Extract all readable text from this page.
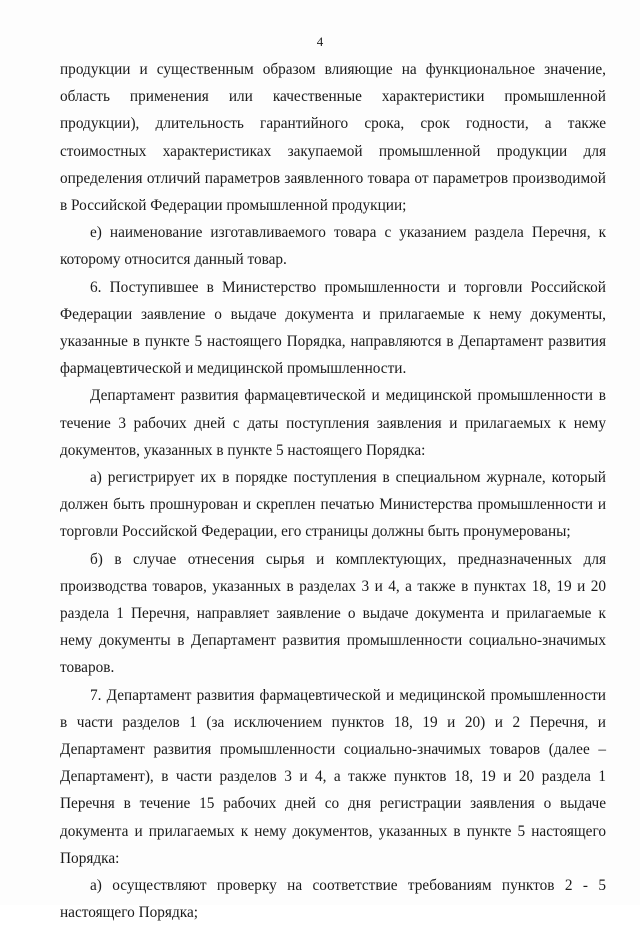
4

продукции и существенным образом влияющие на функциональное значение, область применения или качественные характеристики промышленной продукции), длительность гарантийного срока, срок годности, а также стоимостных характеристиках закупаемой промышленной продукции для определения отличий параметров заявленного товара от параметров производимой в Российской Федерации промышленной продукции;

е) наименование изготавливаемого товара с указанием раздела Перечня, к которому относится данный товар.

6. Поступившее в Министерство промышленности и торговли Российской Федерации заявление о выдаче документа и прилагаемые к нему документы, указанные в пункте 5 настоящего Порядка, направляются в Департамент развития фармацевтической и медицинской промышленности.

Департамент развития фармацевтической и медицинской промышленности в течение 3 рабочих дней с даты поступления заявления и прилагаемых к нему документов, указанных в пункте 5 настоящего Порядка:

а) регистрирует их в порядке поступления в специальном журнале, который должен быть прошнурован и скреплен печатью Министерства промышленности и торговли Российской Федерации, его страницы должны быть пронумерованы;

б) в случае отнесения сырья и комплектующих, предназначенных для производства товаров, указанных в разделах 3 и 4, а также в пунктах 18, 19 и 20 раздела 1 Перечня, направляет заявление о выдаче документа и прилагаемые к нему документы в Департамент развития промышленности социально-значимых товаров.

7. Департамент развития фармацевтической и медицинской промышленности в части разделов 1 (за исключением пунктов 18, 19 и 20) и 2 Перечня, и Департамент развития промышленности социально-значимых товаров (далее – Департамент), в части разделов 3 и 4, а также пунктов 18, 19 и 20 раздела 1 Перечня в течение 15 рабочих дней со дня регистрации заявления о выдаче документа и прилагаемых к нему документов, указанных в пункте 5 настоящего Порядка:

а) осуществляют проверку на соответствие требованиям пунктов 2 - 5 настоящего Порядка;
